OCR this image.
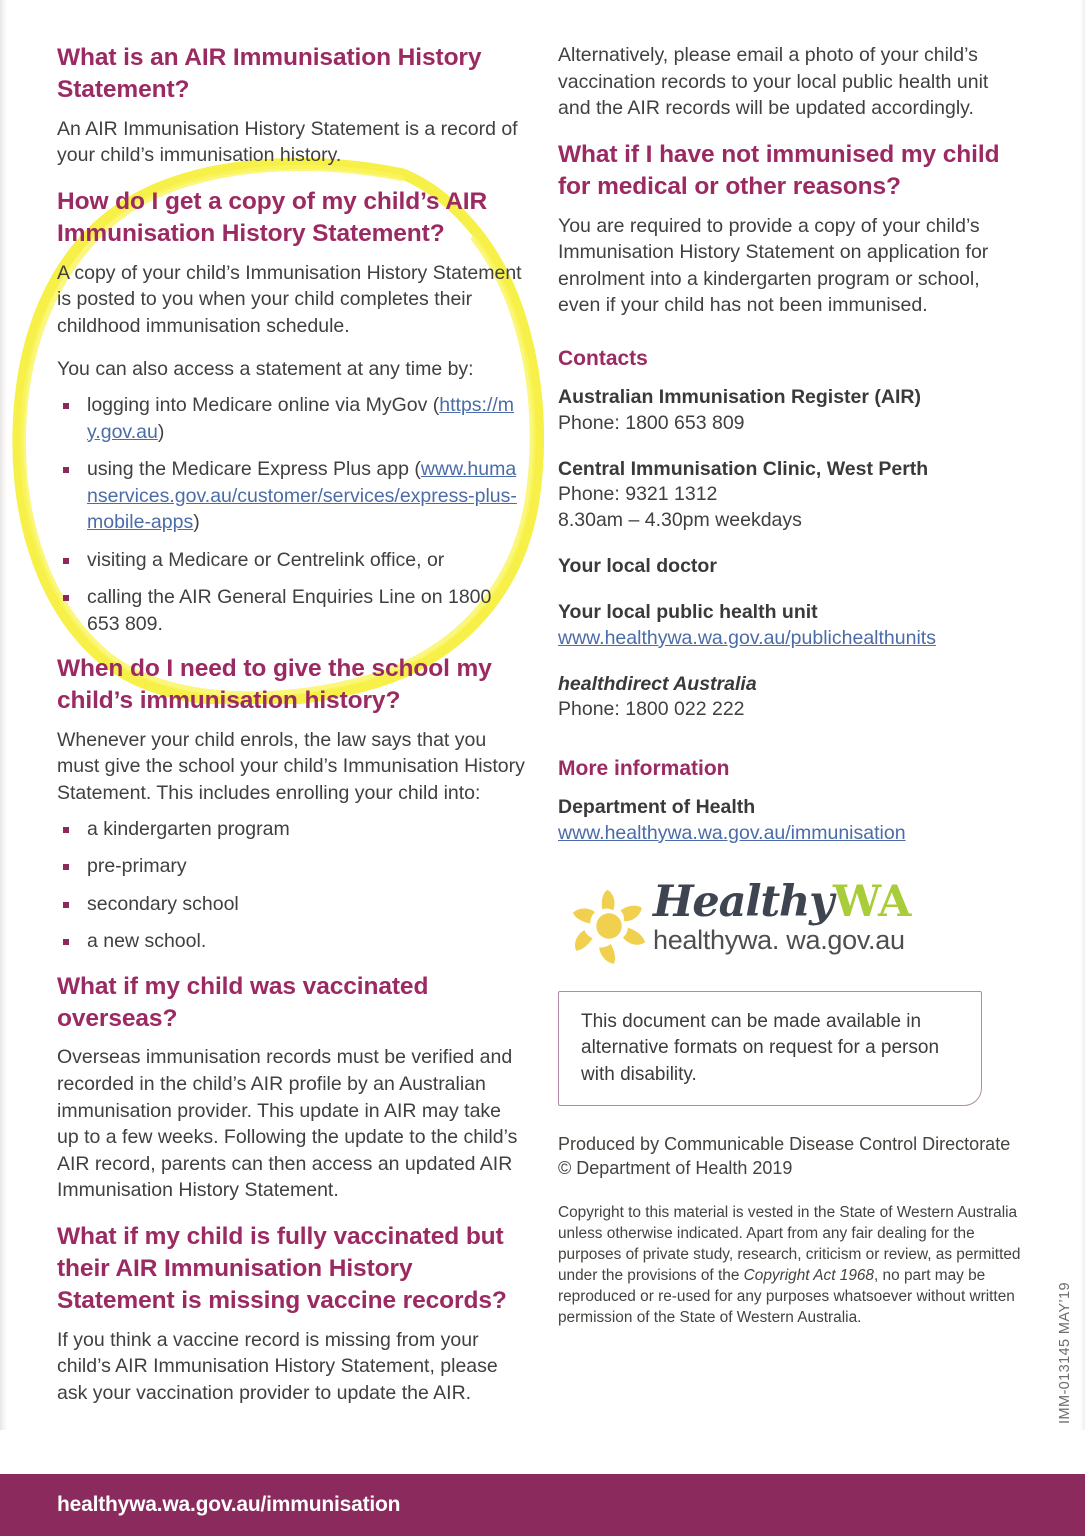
What is an AIR Immunisation History Statement?

An AIR Immunisation History Statement is a record of your child’s immunisation history.

How do I get a copy of my child’s AIR Immunisation History Statement?

A copy of your child’s Immunisation History Statement is posted to you when your child completes their childhood immunisation schedule.

You can also access a statement at any time by:

logging into Medicare online via MyGov (https://my.gov.au)
using the Medicare Express Plus app (www.humanservices.gov.au/customer/services/express-plus-mobile-apps)
visiting a Medicare or Centrelink office, or
calling the AIR General Enquiries Line on 1800 653 809.
When do I need to give the school my child’s immunisation history?

Whenever your child enrols, the law says that you must give the school your child’s Immunisation History Statement. This includes enrolling your child into:

a kindergarten program
pre-primary
secondary school
a new school.
What if my child was vaccinated overseas?

Overseas immunisation records must be verified and recorded in the child’s AIR profile by an Australian immunisation provider. This update in AIR may take up to a few weeks. Following the update to the child’s AIR record, parents can then access an updated AIR Immunisation History Statement.

What if my child is fully vaccinated but their AIR Immunisation History Statement is missing vaccine records?

If you think a vaccine record is missing from your child’s AIR Immunisation History Statement, please ask your vaccination provider to update the AIR.

Alternatively, please email a photo of your child’s vaccination records to your local public health unit and the AIR records will be updated accordingly.

What if I have not immunised my child for medical or other reasons?

You are required to provide a copy of your child’s Immunisation History Statement on application for enrolment into a kindergarten program or school, even if your child has not been immunised.

Contacts

Australian Immunisation Register (AIR)

Phone: 1800 653 809

Central Immunisation Clinic, West Perth

Phone: 9321 1312

8.30am – 4.30pm weekdays

Your local doctor

Your local public health unit

www.healthywa.wa.gov.au/publichealthunits

healthdirect Australia

Phone: 1800 022 222

More information

Department of Health

www.healthywa.wa.gov.au/immunisation

HealthyWA
healthywa. wa.gov.au

This document can be made available in alternative formats on request for a person with disability.

Produced by Communicable Disease Control Directorate
© Department of Health 2019
Copyright to this material is vested in the State of Western Australia unless otherwise indicated. Apart from any fair dealing for the purposes of private study, research, criticism or review, as permitted under the provisions of the Copyright Act 1968, no part may be reproduced or re-used for any purposes whatsoever without written permission of the State of Western Australia.	IMM-013145 MAY’19
healthywa.wa.gov.au/immunisation
